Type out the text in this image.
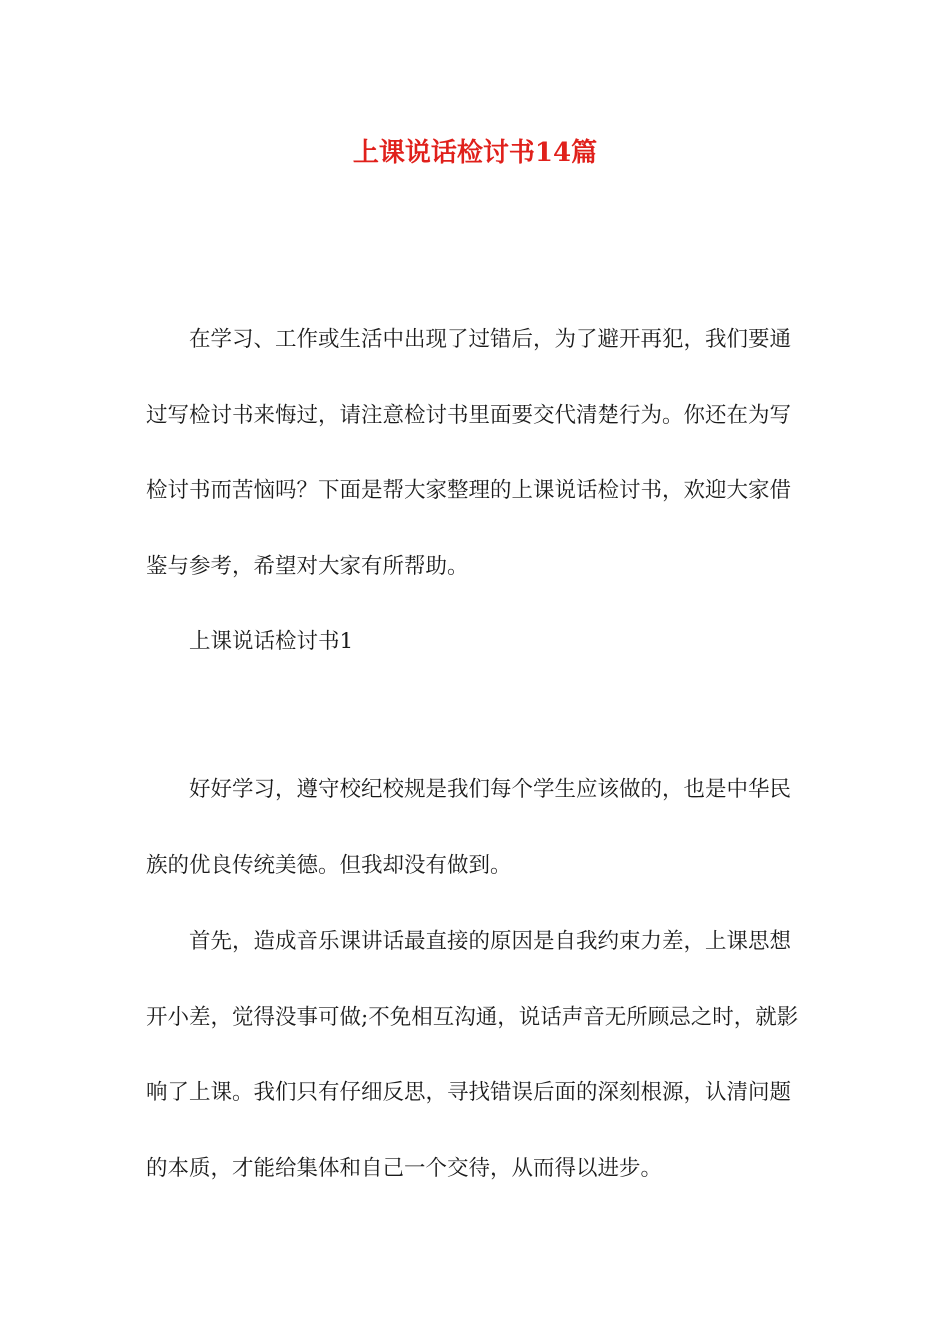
上课说话检讨书14篇

在学习、工作或生活中出现了过错后，为了避开再犯，我们要通过写检讨书来悔过，请注意检讨书里面要交代清楚行为。你还在为写检讨书而苦恼吗？下面是帮大家整理的上课说话检讨书，欢迎大家借鉴与参考，希望对大家有所帮助。

上课说话检讨书1

好好学习，遵守校纪校规是我们每个学生应该做的，也是中华民族的优良传统美德。但我却没有做到。

首先，造成音乐课讲话最直接的原因是自我约束力差，上课思想开小差，觉得没事可做;不免相互沟通，说话声音无所顾忌之时，就影响了上课。我们只有仔细反思，寻找错误后面的深刻根源，认清问题的本质，才能给集体和自己一个交待，从而得以进步。
